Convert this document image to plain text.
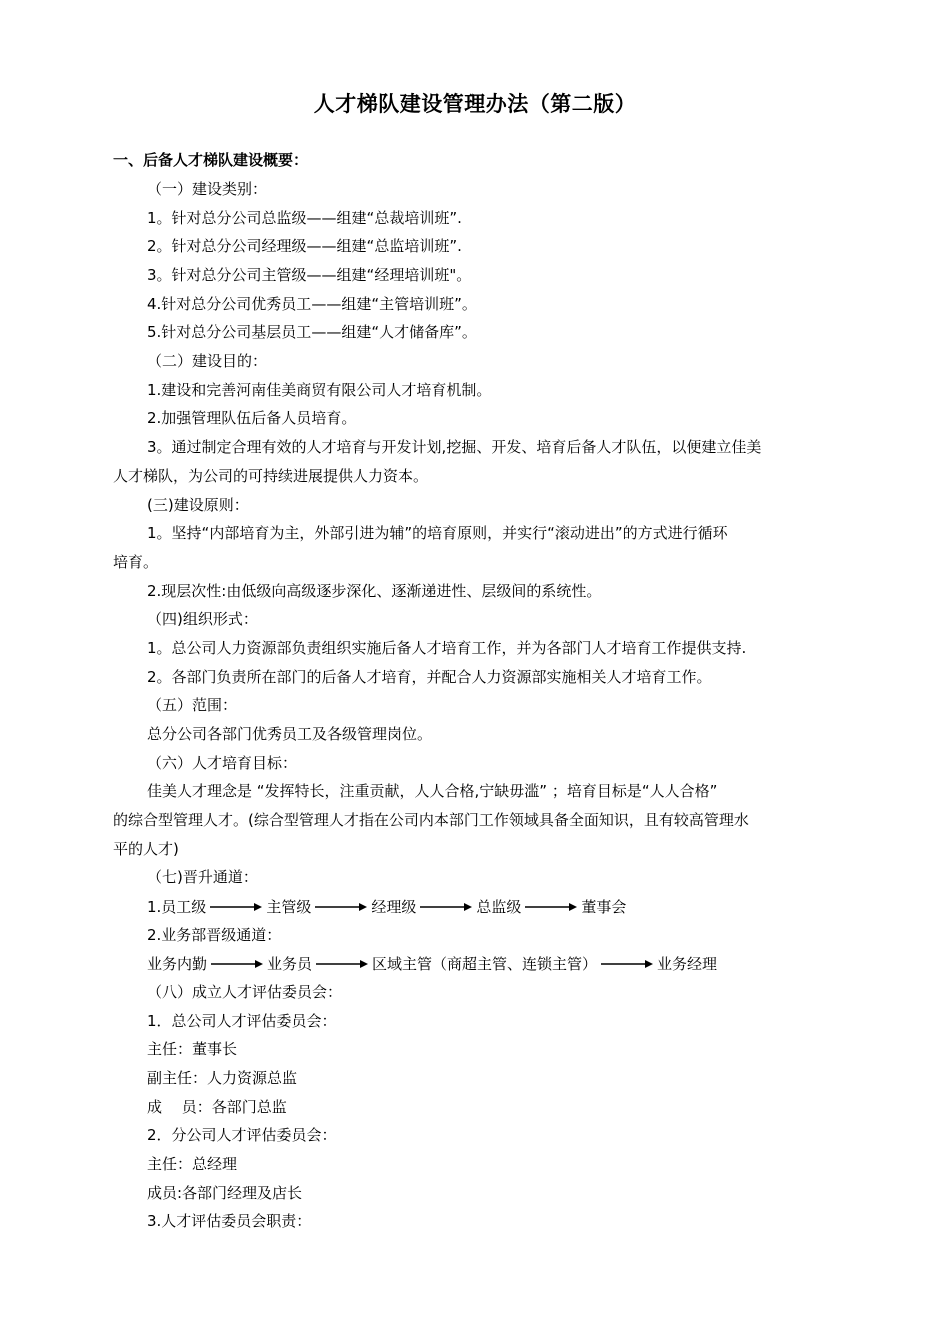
人才梯队建设管理办法（第二版）
一、后备人才梯队建设概要：
（一）建设类别：
1。针对总分公司总监级——组建“总裁培训班”.
2。针对总分公司经理级——组建“总监培训班”.
3。针对总分公司主管级——组建“经理培训班"。
4.针对总分公司优秀员工——组建“主管培训班”。
5.针对总分公司基层员工——组建“人才储备库”。
（二）建设目的：
1.建设和完善河南佳美商贸有限公司人才培育机制。
2.加强管理队伍后备人员培育。
3。通过制定合理有效的人才培育与开发计划,挖掘、开发、培育后备人才队伍，以便建立佳美
人才梯队，为公司的可持续进展提供人力资本。
(三)建设原则：
1。坚持“内部培育为主，外部引进为辅”的培育原则，并实行“滚动进出”的方式进行循环
培育。
2.现层次性:由低级向高级逐步深化、逐渐递进性、层级间的系统性。
（四)组织形式：
1。总公司人力资源部负责组织实施后备人才培育工作，并为各部门人才培育工作提供支持.
2。各部门负责所在部门的后备人才培育，并配合人力资源部实施相关人才培育工作。
（五）范围：
总分公司各部门优秀员工及各级管理岗位。
（六）人才培育目标：
佳美人才理念是 “发挥特长，注重贡献，人人合格,宁缺毋滥” ；培育目标是“人人合格”
的综合型管理人才。(综合型管理人才指在公司内本部门工作领域具备全面知识，且有较高管理水
平的人才)
（七)晋升通道：
1.员工级	主管级	经理级	总监级	董事会
2.业务部晋级通道：
业务内勤	业务员	区域主管（商超主管、连锁主管）	业务经理
（八）成立人才评估委员会：
1．总公司人才评估委员会：
主任：董事长
副主任：人力资源总监
成　 员：各部门总监
2．分公司人才评估委员会：
主任：总经理
成员:各部门经理及店长
3.人才评估委员会职责：
